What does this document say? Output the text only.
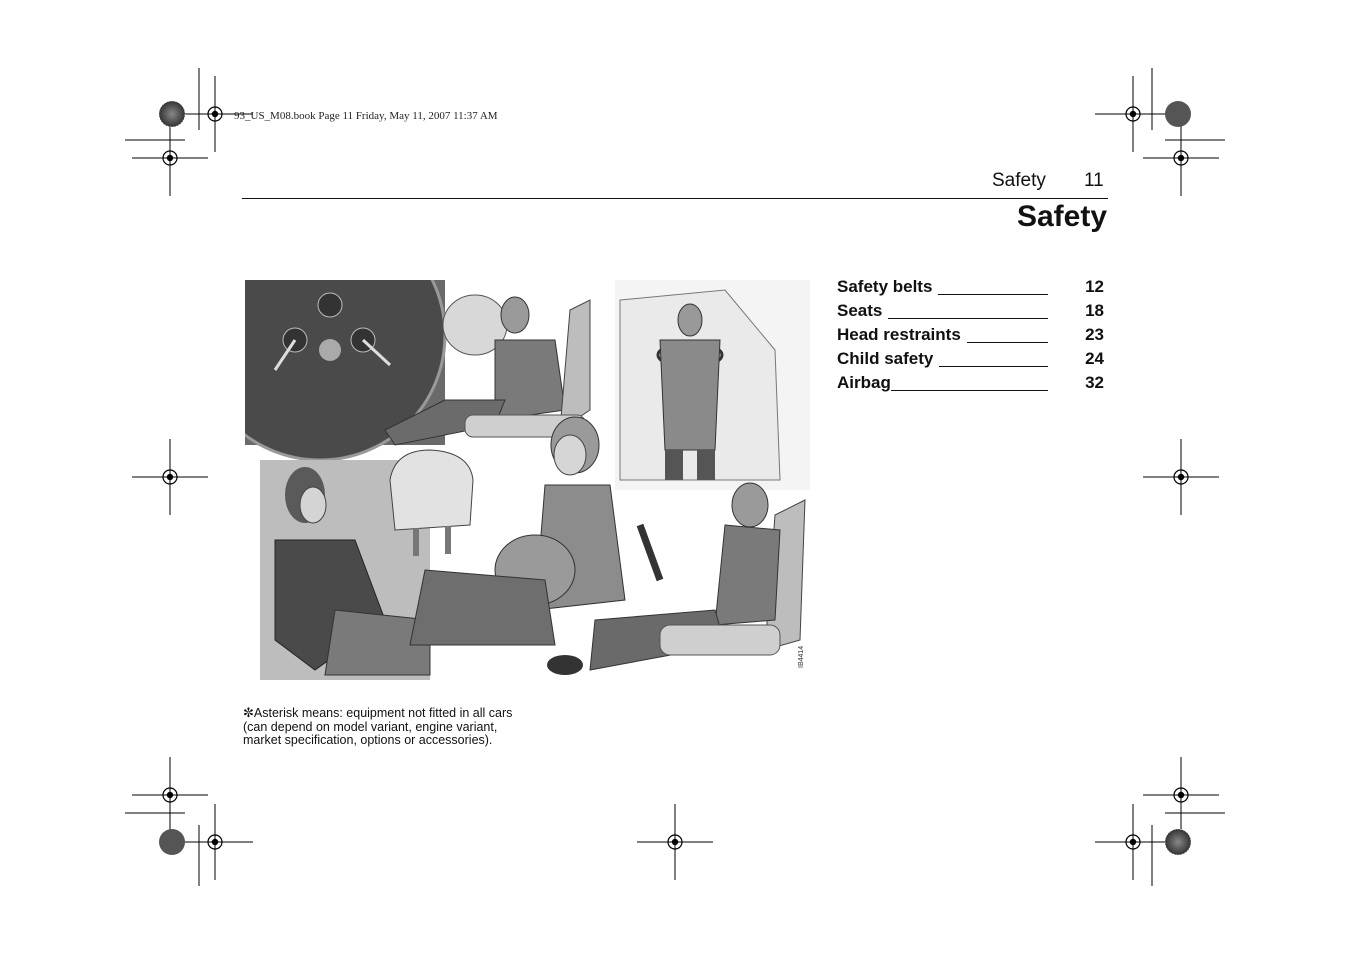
93_US_M08.book Page 11 Friday, May 11, 2007 11:37 AM
Safety 11
Safety
IB4414
Safety belts	12
Seats	18
Head restraints	23
Child safety	24
Airbag	32
✼Asterisk means: equipment not fitted in all cars
(can depend on model variant, engine variant,
market specification, options or accessories).
